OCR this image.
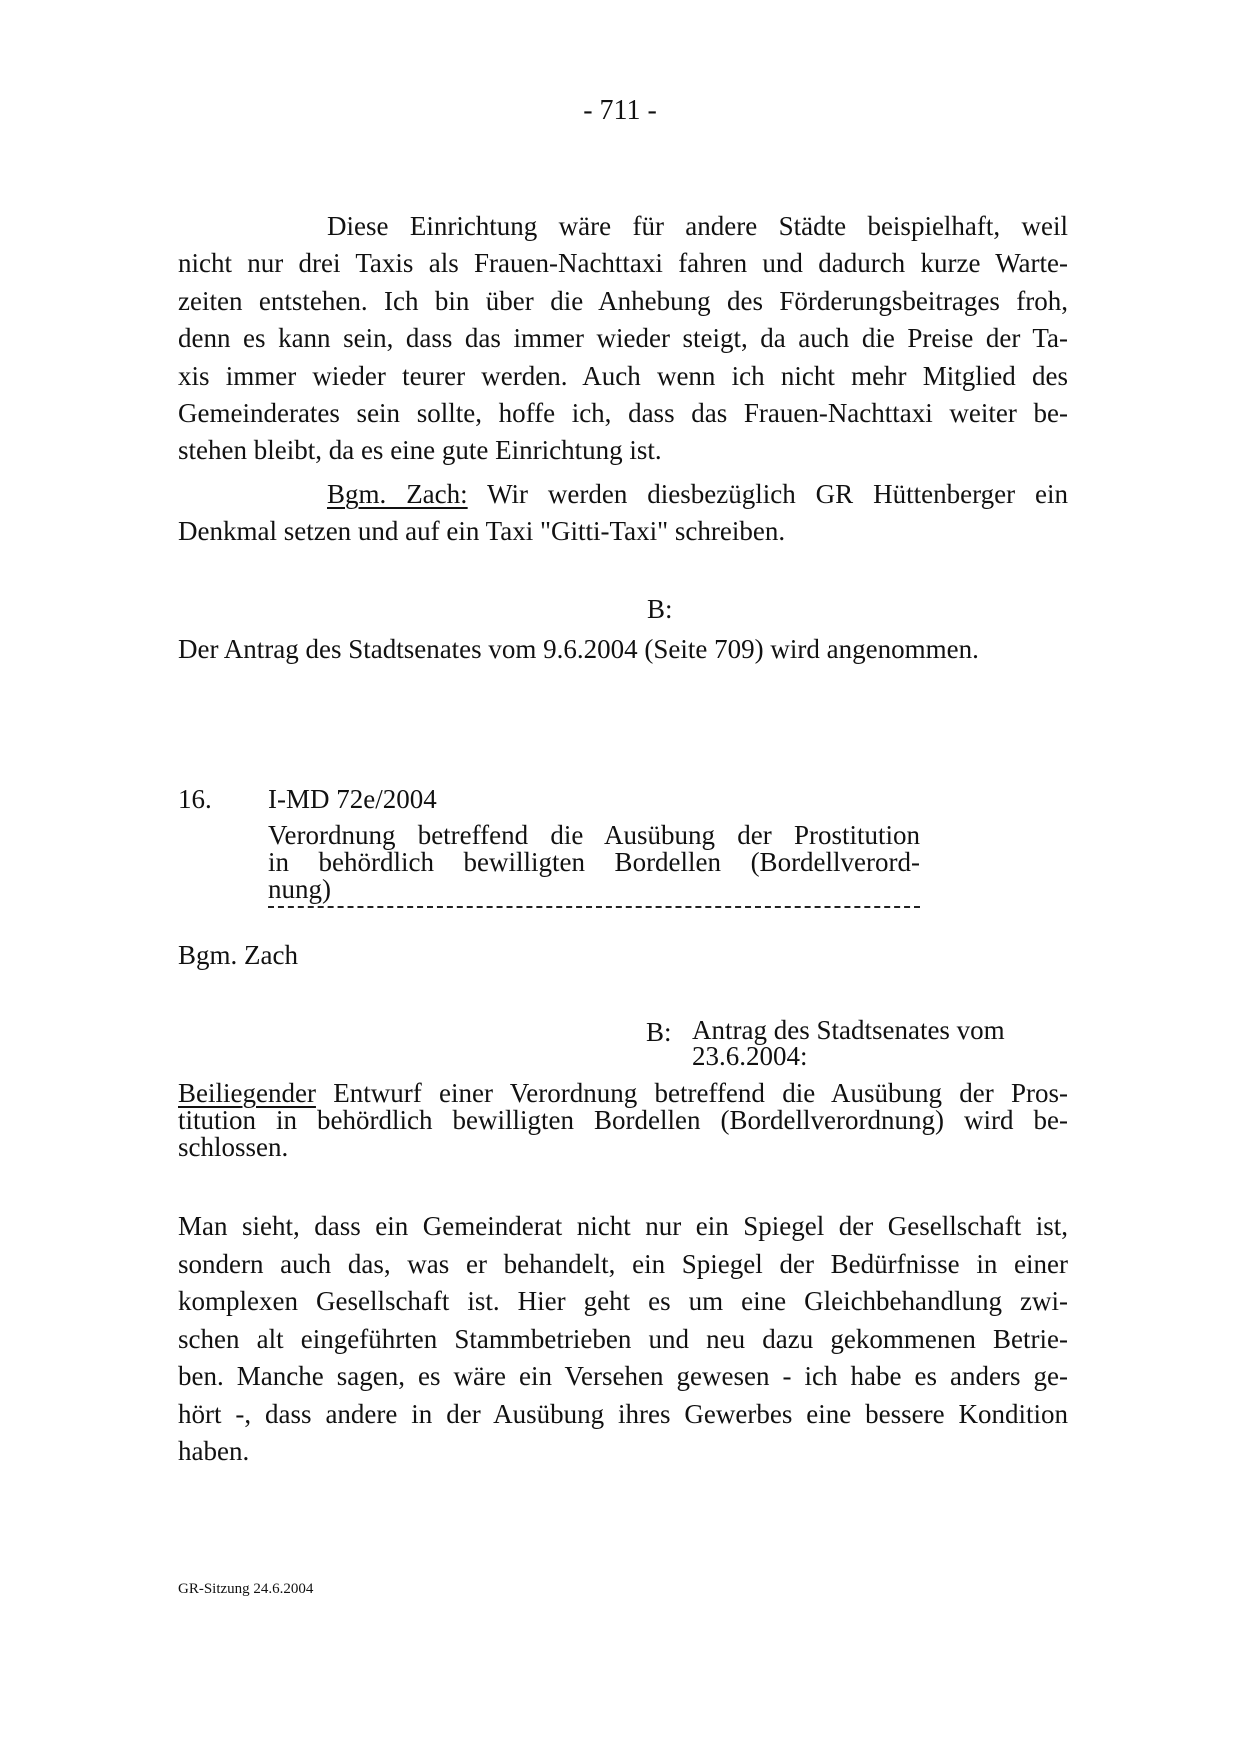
- 711 -
Diese Einrichtung wäre für andere Städte beispielhaft, weil
nicht nur drei Taxis als Frauen-Nachttaxi fahren und dadurch kurze Warte-
zeiten entstehen. Ich bin über die Anhebung des Förderungsbeitrages froh,
denn es kann sein, dass das immer wieder steigt, da auch die Preise der Ta-
xis immer wieder teurer werden. Auch wenn ich nicht mehr Mitglied des
Gemeinderates sein sollte, hoffe ich, dass das Frauen-Nachttaxi weiter be-
stehen bleibt, da es eine gute Einrichtung ist.
Bgm. Zach: Wir werden diesbezüglich GR Hüttenberger ein
Denkmal setzen und auf ein Taxi "Gitti-Taxi" schreiben.
B:
Der Antrag des Stadtsenates vom 9.6.2004 (Seite 709) wird angenommen.
16. I-MD 72e/2004
Verordnung betreffend die Ausübung der Prostitution
in behördlich bewilligten Bordellen (Bordellverord-
nung)
Bgm. Zach
B: Antrag des Stadtsenates vom
23.6.2004:
Beiliegender Entwurf einer Verordnung betreffend die Ausübung der Pros-
titution in behördlich bewilligten Bordellen (Bordellverordnung) wird be-
schlossen.
Man sieht, dass ein Gemeinderat nicht nur ein Spiegel der Gesellschaft ist,
sondern auch das, was er behandelt, ein Spiegel der Bedürfnisse in einer
komplexen Gesellschaft ist. Hier geht es um eine Gleichbehandlung zwi-
schen alt eingeführten Stammbetrieben und neu dazu gekommenen Betrie-
ben. Manche sagen, es wäre ein Versehen gewesen - ich habe es anders ge-
hört -, dass andere in der Ausübung ihres Gewerbes eine bessere Kondition
haben.
GR-Sitzung 24.6.2004
